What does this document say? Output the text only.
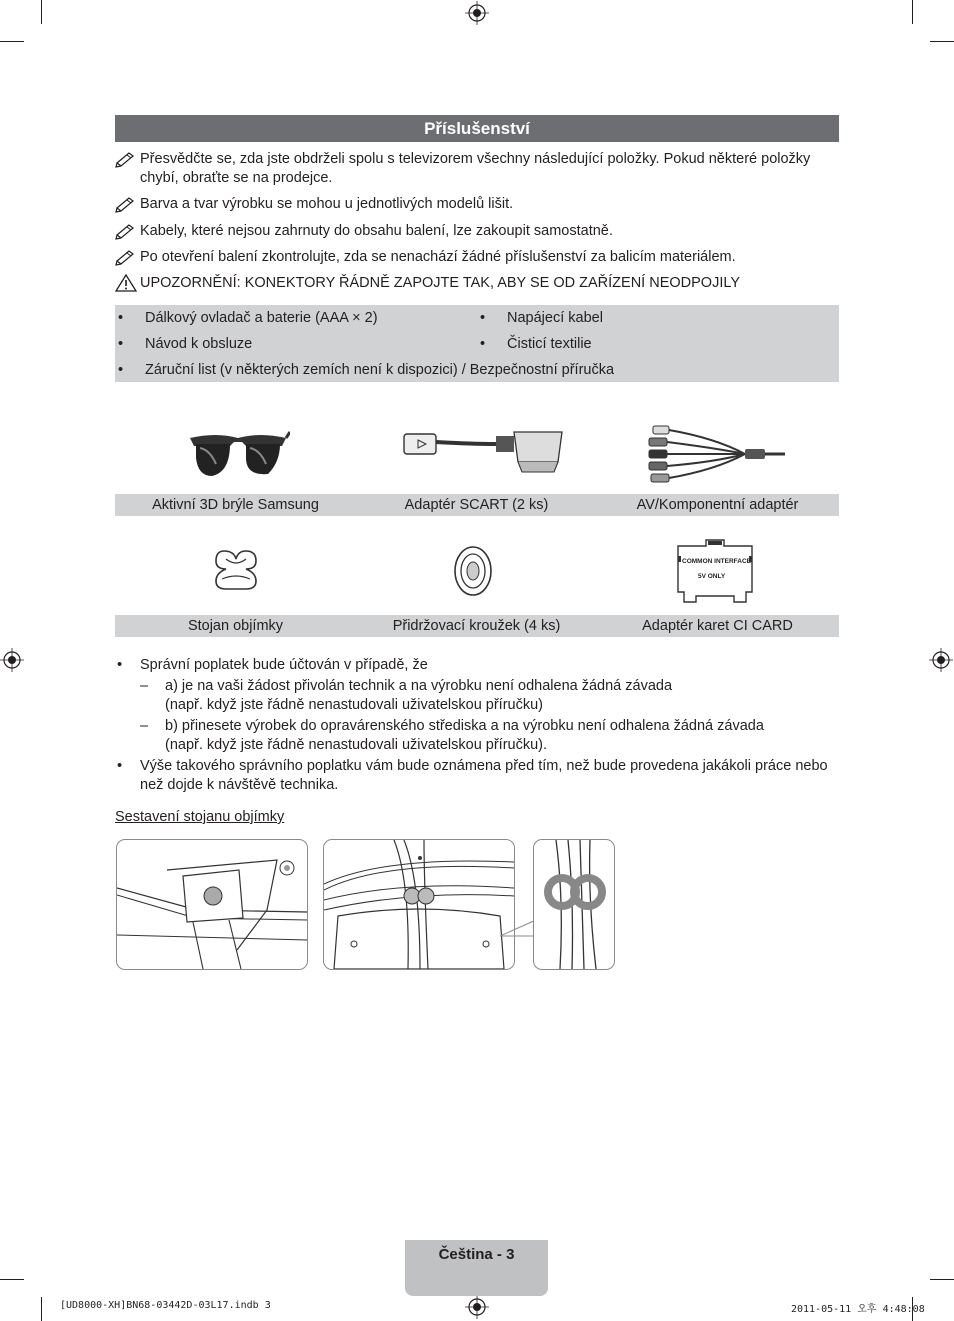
Příslušenství
Přesvědčte se, zda jste obdrželi spolu s televizorem všechny následující položky. Pokud některé položky chybí, obraťte se na prodejce.
Barva a tvar výrobku se mohou u jednotlivých modelů lišit.
Kabely, které nejsou zahrnuty do obsahu balení, lze zakoupit samostatně.
Po otevření balení zkontrolujte, zda se nenachází žádné příslušenství za balicím materiálem.
UPOZORNĚNÍ: KONEKTORY ŘÁDNĚ ZAPOJTE TAK, ABY SE OD ZAŘÍZENÍ NEODPOJILY
• Dálkový ovladač a baterie (AAA × 2)	• Napájecí kabel
• Návod k obsluze	• Čisticí textilie
• Záruční list (v některých zemích není k dispozici) / Bezpečnostní příručka
Aktivní 3D brýle Samsung	Adaptér SCART (2 ks)	AV/Komponentní adaptér
COMMON INTERFACE
5V ONLY
Stojan objímky	Přidržovací kroužek (4 ks)	Adaptér karet CI CARD
• Správní poplatek bude účtován v případě, že
– a) je na vaši žádost přivolán technik a na výrobku není odhalena žádná závada
(např. když jste řádně nenastudovali uživatelskou příručku)
– b) přinesete výrobek do opravárenského střediska a na výrobku není odhalena žádná závada
(např. když jste řádně nenastudovali uživatelskou příručku).
• Výše takového správního poplatku vám bude oznámena před tím, než bude provedena jakákoli práce nebo
než dojde k návštěvě technika.
Sestavení stojanu objímky
Čeština - 3
[UD8000-XH]BN68-03442D-03L17.indb 3	2011-05-11 오후 4:48:08
